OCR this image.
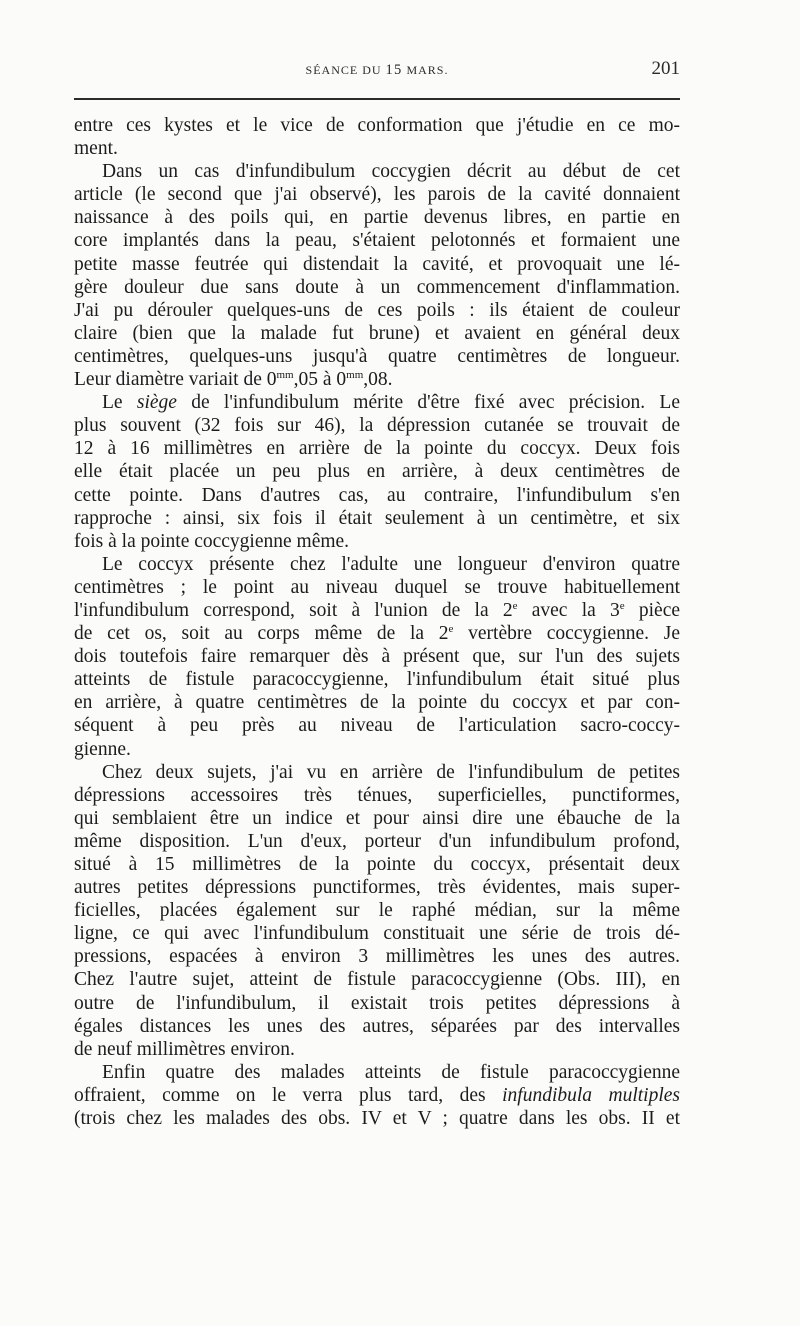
SÉANCE DU 15 MARS.	201
entre ces kystes et le vice de conformation que j'étudie en ce mo-
ment.
Dans un cas d'infundibulum coccygien décrit au début de cet
article (le second que j'ai observé), les parois de la cavité donnaient
naissance à des poils qui, en partie devenus libres, en partie en
core implantés dans la peau, s'étaient pelotonnés et formaient une
petite masse feutrée qui distendait la cavité, et provoquait une lé-
gère douleur due sans doute à un commencement d'inflammation.
J'ai pu dérouler quelques-uns de ces poils : ils étaient de couleur
claire (bien que la malade fut brune) et avaient en général deux
centimètres, quelques-uns jusqu'à quatre centimètres de longueur.
Leur diamètre variait de $0^{mm},05$ à $0^{mm},08$.
Le siège de l'infundibulum mérite d'être fixé avec précision. Le
plus souvent (32 fois sur 46), la dépression cutanée se trouvait de
12 à 16 millimètres en arrière de la pointe du coccyx. Deux fois
elle était placée un peu plus en arrière, à deux centimètres de
cette pointe. Dans d'autres cas, au contraire, l'infundibulum s'en
rapproche : ainsi, six fois il était seulement à un centimètre, et six
fois à la pointe coccygienne même.
Le coccyx présente chez l'adulte une longueur d'environ quatre
centimètres ; le point au niveau duquel se trouve habituellement
l'infundibulum correspond, soit à l'union de la 2e avec la 3e pièce
de cet os, soit au corps même de la 2e vertèbre coccygienne. Je
dois toutefois faire remarquer dès à présent que, sur l'un des sujets
atteints de fistule paracoccygienne, l'infundibulum était situé plus
en arrière, à quatre centimètres de la pointe du coccyx et par con-
séquent à peu près au niveau de l'articulation sacro-coccy-
gienne.
Chez deux sujets, j'ai vu en arrière de l'infundibulum de petites
dépressions accessoires très ténues, superficielles, punctiformes,
qui semblaient être un indice et pour ainsi dire une ébauche de la
même disposition. L'un d'eux, porteur d'un infundibulum profond,
situé à 15 millimètres de la pointe du coccyx, présentait deux
autres petites dépressions punctiformes, très évidentes, mais super-
ficielles, placées également sur le raphé médian, sur la même
ligne, ce qui avec l'infundibulum constituait une série de trois dé-
pressions, espacées à environ 3 millimètres les unes des autres.
Chez l'autre sujet, atteint de fistule paracoccygienne (Obs. III), en
outre de l'infundibulum, il existait trois petites dépressions à
égales distances les unes des autres, séparées par des intervalles
de neuf millimètres environ.
Enfin quatre des malades atteints de fistule paracoccygienne
offraient, comme on le verra plus tard, des infundibula multiples
(trois chez les malades des obs. IV et V ; quatre dans les obs. II et
